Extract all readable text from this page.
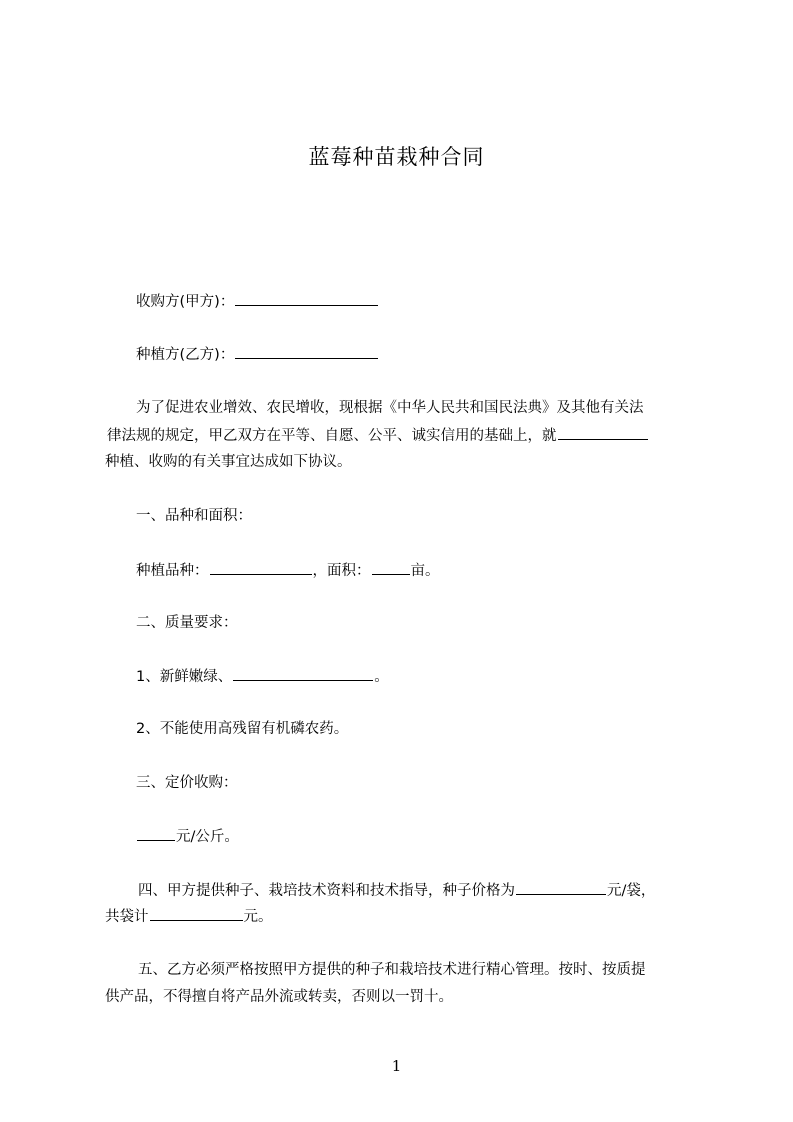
蓝莓种苗栽种合同
收购方(甲方)：
种植方(乙方)：
为了促进农业增效、农民增收，现根据《中华人民共和国民法典》及其他有关法
律法规的规定，甲乙双方在平等、自愿、公平、诚实信用的基础上，就
种植、收购的有关事宜达成如下协议。
一、品种和面积：
种植品种：	，面积：	亩。
二、质量要求：
1、新鲜嫩绿、	。
2、不能使用高残留有机磷农药。
三、定价收购：
元/公斤。
四、甲方提供种子、栽培技术资料和技术指导，种子价格为	元/袋，
共袋计	元。
五、乙方必须严格按照甲方提供的种子和栽培技术进行精心管理。按时、按质提
供产品，不得擅自将产品外流或转卖，否则以一罚十。
1
